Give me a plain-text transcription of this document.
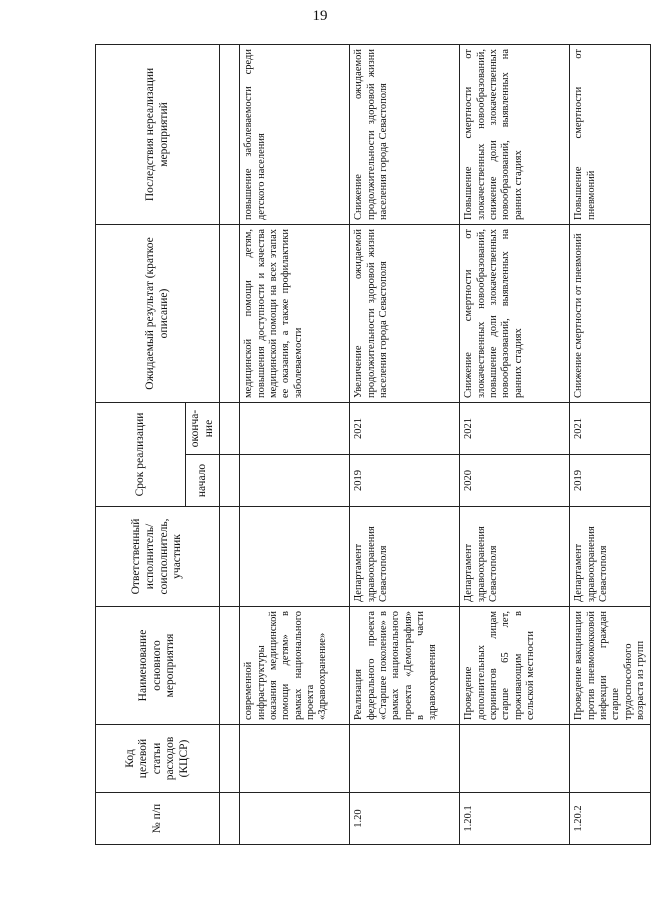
19
№ п/п	Код целевой статьи расходов (КЦСР)	Наименование основного мероприятия	Ответственный исполнитель/ соисполнитель, участник	Срок реализации		Ожидаемый результат (краткое описание)	Последствия нереализации мероприятий
				начало	оконча-ние		

		современной инфраструктуры оказания медицинской помощи детям» в рамках национального проекта «Здравоохранение»				медицинской помощи детям, повышения доступности и качества медицинской помощи на всех этапах ее оказания, а также профилактики заболеваемости	повышение заболеваемости среди детского населения
1.20		Реализация федерального проекта «Старшее поколение» в рамках национального проекта «Демография» в части здравоохранения	Департамент здравоохранения Севастополя	2019	2021	Увеличение ожидаемой продолжительности здоровой жизни населения города Севастополя	Снижение ожидаемой продолжительности здоровой жизни населения города Севастополя
1.20.1		Проведение дополнительных скринингов лицам старше 65 лет, проживающим в сельской местности	Департамент здравоохранения Севастополя	2020	2021	Снижение смертности от злокачественных новообразований, повышение доли злокачественных новообразований, выявленных на ранних стадиях	Повышение смертности от злокачественных новообразований, снижение доли злокачественных новообразований, выявленных на ранних стадиях
1.20.2		Проведение вакцинации против пневмококковой инфекции граждан старше трудоспособного возраста из групп	Департамент здравоохранения Севастополя	2019	2021	Снижение смертности от пневмоний	Повышение смертности от пневмоний
